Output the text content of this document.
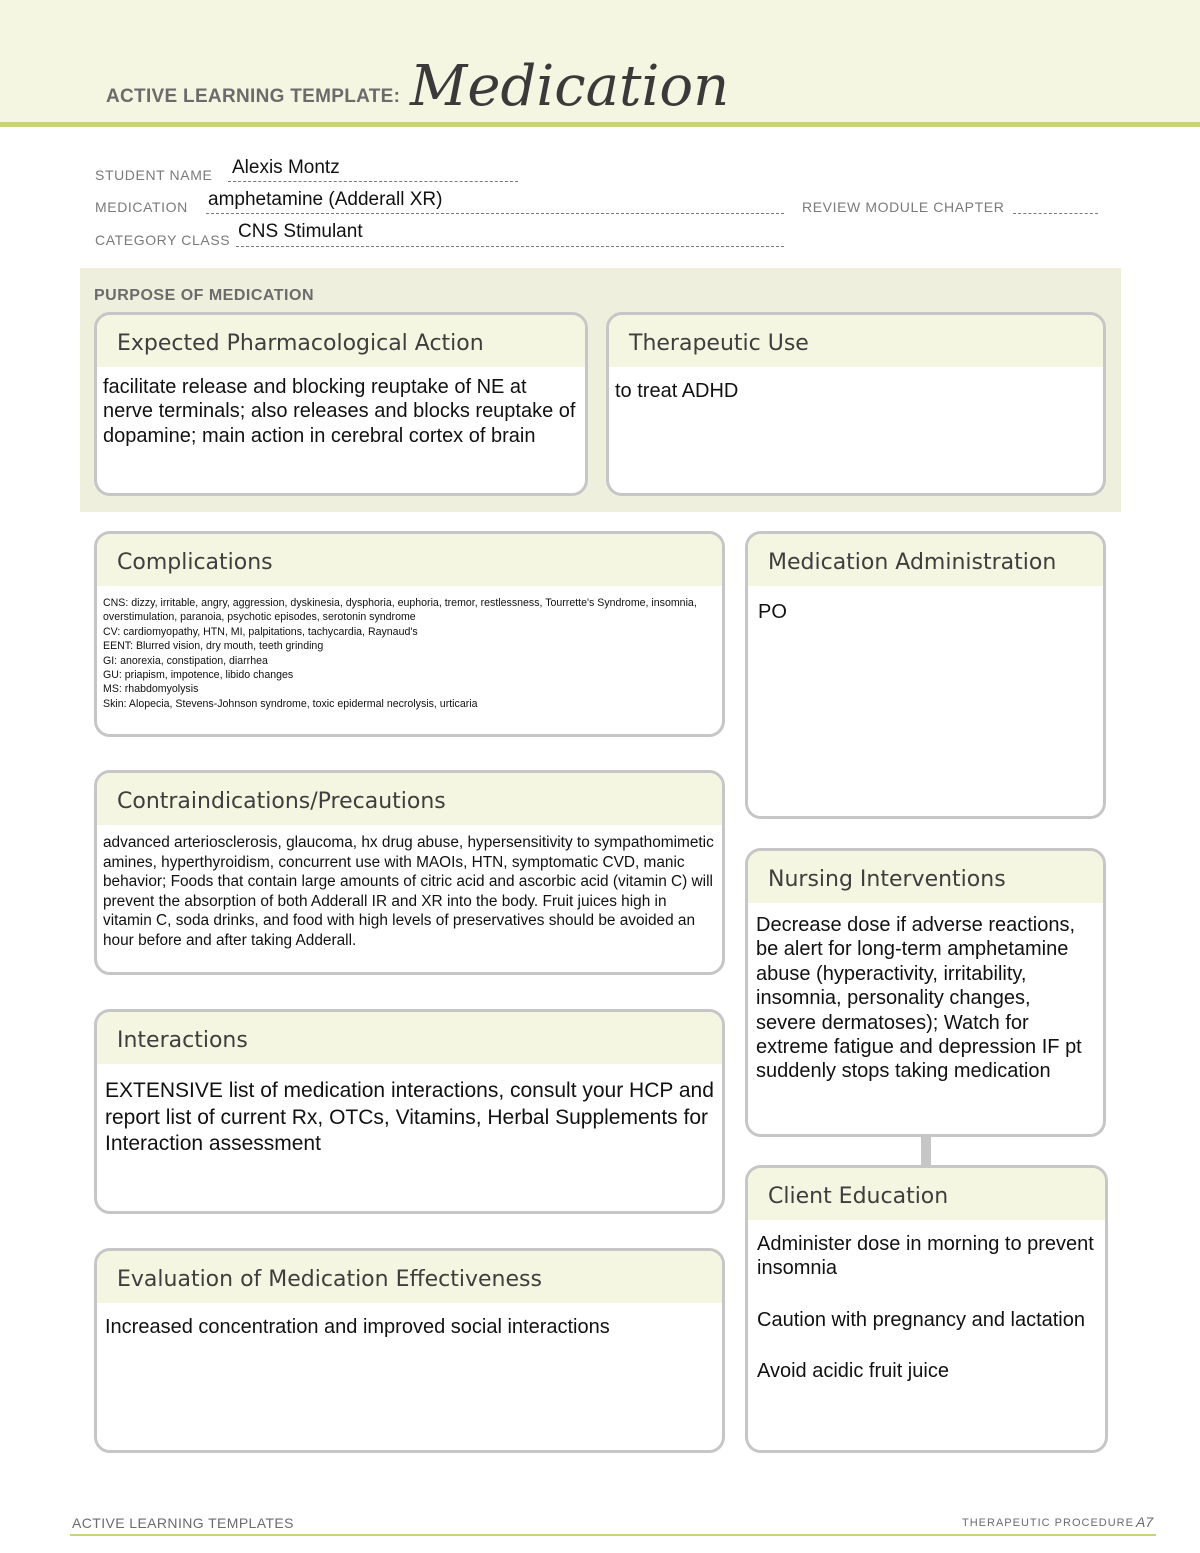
ACTIVE LEARNING TEMPLATE: Medication
STUDENT NAME Alexis Montz
MEDICATION amphetamine (Adderall XR)	REVIEW MODULE CHAPTER
CATEGORY CLASS CNS Stimulant
PURPOSE OF MEDICATION
Expected Pharmacological Action
facilitate release and blocking reuptake of NE at nerve terminals; also releases and blocks reuptake of dopamine; main action in cerebral cortex of brain
Therapeutic Use
to treat ADHD
Complications
CNS: dizzy, irritable, angry, aggression, dyskinesia, dysphoria, euphoria, tremor, restlessness, Tourrette's Syndrome, insomnia, overstimulation, paranoia, psychotic episodes, serotonin syndrome
CV: cardiomyopathy, HTN, MI, palpitations, tachycardia, Raynaud's
EENT: Blurred vision, dry mouth, teeth grinding
GI: anorexia, constipation, diarrhea
GU: priapism, impotence, libido changes
MS: rhabdomyolysis
Skin: Alopecia, Stevens-Johnson syndrome, toxic epidermal necrolysis, urticaria
Medication Administration
PO
Contraindications/Precautions
advanced arteriosclerosis, glaucoma, hx drug abuse, hypersensitivity to sympathomimetic amines, hyperthyroidism, concurrent use with MAOIs, HTN, symptomatic CVD, manic behavior; Foods that contain large amounts of citric acid and ascorbic acid (vitamin C) will prevent the absorption of both Adderall IR and XR into the body. Fruit juices high in vitamin C, soda drinks, and food with high levels of preservatives should be avoided an hour before and after taking Adderall.
Nursing Interventions
Decrease dose if adverse reactions, be alert for long-term amphetamine abuse (hyperactivity, irritability, insomnia, personality changes, severe dermatoses); Watch for extreme fatigue and depression IF pt suddenly stops taking medication
Interactions
EXTENSIVE list of medication interactions, consult your HCP and report list of current Rx, OTCs, Vitamins, Herbal Supplements for Interaction assessment
Client Education

Administer dose in morning to prevent insomnia

Caution with pregnancy and lactation

Avoid acidic fruit juice

Evaluation of Medication Effectiveness
Increased concentration and improved social interactions
ACTIVE LEARNING TEMPLATES	THERAPEUTIC PROCEDURE A7
